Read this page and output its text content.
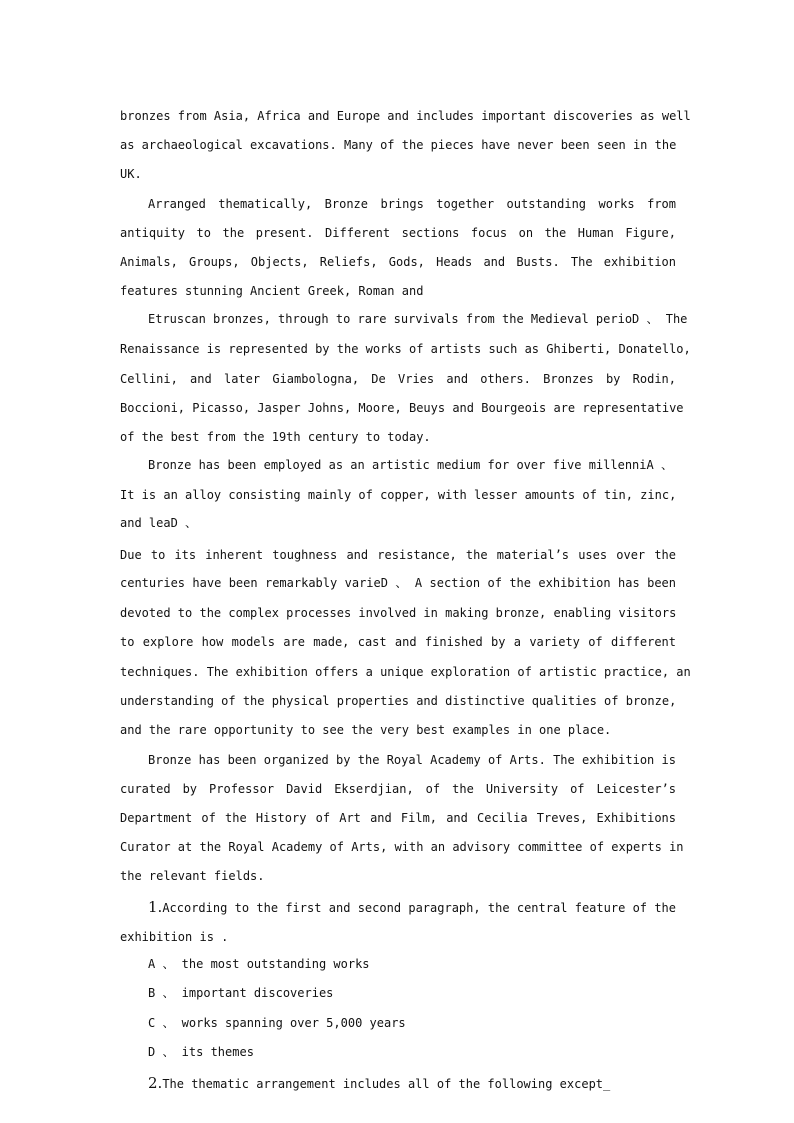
bronzes from Asia, Africa and Europe and includes important discoveries as well
as archaeological excavations. Many of the pieces have never been seen in the
UK.
Arranged thematically, Bronze brings together outstanding works from
antiquity to the present. Different sections focus on the Human Figure,
Animals, Groups, Objects, Reliefs, Gods, Heads and Busts. The exhibition
features stunning Ancient Greek, Roman and
Etruscan bronzes, through to rare survivals from the Medieval perioD 、 The
Renaissance is represented by the works of artists such as Ghiberti, Donatello,
Cellini, and later Giambologna, De Vries and others. Bronzes by Rodin,
Boccioni, Picasso, Jasper Johns, Moore, Beuys and Bourgeois are representative
of the best from the 19th century to today.
Bronze has been employed as an artistic medium for over five millenniA 、
It is an alloy consisting mainly of copper, with lesser amounts of tin, zinc,
and leaD 、
Due to its inherent toughness and resistance, the material’s uses over the
centuries have been remarkably varieD 、 A section of the exhibition has been
devoted to the complex processes involved in making bronze, enabling visitors
to explore how models are made, cast and finished by a variety of different
techniques. The exhibition offers a unique exploration of artistic practice, an
understanding of the physical properties and distinctive qualities of bronze,
and the rare opportunity to see the very best examples in one place.
Bronze has been organized by the Royal Academy of Arts. The exhibition is
curated by Professor David Ekserdjian, of the University of Leicester’s
Department of the History of Art and Film, and Cecilia Treves, Exhibitions
Curator at the Royal Academy of Arts, with an advisory committee of experts in
the relevant fields.
1. According to the first and second paragraph, the central feature of the
exhibition is .
A 、 the most outstanding works
B 、 important discoveries
C 、 works spanning over 5,000 years
D 、 its themes
2.The thematic arrangement includes all of the following except_
